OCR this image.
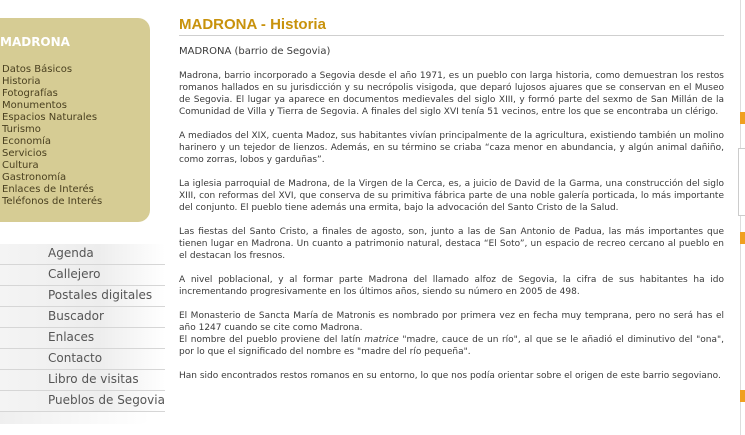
MADRONA
Datos Básicos
Historia
Fotografías
Monumentos
Espacios Naturales
Turismo
Economía
Servicios
Cultura
Gastronomía
Enlaces de Interés
Teléfonos de Interés
Agenda
Callejero
Postales digitales
Buscador
Enlaces
Contacto
Libro de visitas
Pueblos de Segovia
MADRONA - Historia

MADRONA (barrio de Segovia)

Madrona, barrio incorporado a Segovia desde el año 1971, es un pueblo con larga historia, como demuestran los restos romanos hallados en su jurisdicción y su necrópolis visigoda, que deparó lujosos ajuares que se conservan en el Museo de Segovia. El lugar ya aparece en documentos medievales del siglo XIII, y formó parte del sexmo de San Millán de la Comunidad de Villa y Tierra de Segovia. A finales del siglo XVI tenía 51 vecinos, entre los que se encontraba un clérigo.

A mediados del XIX, cuenta Madoz, sus habitantes vivían principalmente de la agricultura, existiendo también un molino harinero y un tejedor de lienzos. Además, en su término se criaba “caza menor en abundancia, y algún animal dañiño, como zorras, lobos y garduñas”.

La iglesia parroquial de Madrona, de la Virgen de la Cerca, es, a juicio de David de la Garma, una construcción del siglo XIII, con reformas del XVI, que conserva de su primitiva fábrica parte de una noble galería porticada, lo más importante del conjunto. El pueblo tiene además una ermita, bajo la advocación del Santo Cristo de la Salud.

Las fiestas del Santo Cristo, a finales de agosto, son, junto a las de San Antonio de Padua, las más importantes que tienen lugar en Madrona. Un cuanto a patrimonio natural, destaca “El Soto”, un espacio de recreo cercano al pueblo en el destacan los fresnos.

A nivel poblacional, y al formar parte Madrona del llamado alfoz de Segovia, la cifra de sus habitantes ha ido incrementando progresivamente en los últimos años, siendo su número en 2005 de 498.

El Monasterio de Sancta María de Matronis es nombrado por primera vez en fecha muy temprana, pero no será has el año 1247 cuando se cite como Madrona.
El nombre del pueblo proviene del latín matrice "madre, cauce de un río", al que se le añadió el diminutivo del "ona", por lo que el significado del nombre es "madre del río pequeña".

Han sido encontrados restos romanos en su entorno, lo que nos podía orientar sobre el origen de este barrio segoviano.
